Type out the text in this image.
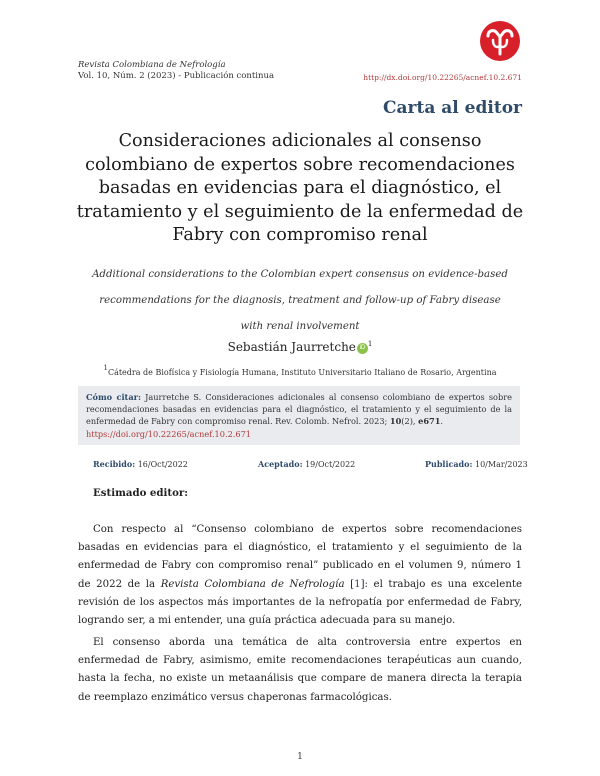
Revista Colombiana de Nefrología
Vol. 10, Núm. 2 (2023) - Publicación continua	http://dx.doi.org/10.22265/acnef.10.2.671
Carta al editor
Consideraciones adicionales al consenso colombiano de expertos sobre recomendaciones basadas en evidencias para el diagnóstico, el tratamiento y el seguimiento de la enfermedad de Fabry con compromiso renal
Additional considerations to the Colombian expert consensus on evidence-based recommendations for the diagnosis, treatment and follow-up of Fabry disease with renal involvement
Sebastián Jaurretche iD $^1$
1Cátedra de Biofísica y Fisiología Humana, Instituto Universitario Italiano de Rosario, Argentina
Cómo citar: Jaurretche S. Consideraciones adicionales al consenso colombiano de expertos sobre recomendaciones basadas en evidencias para el diagnóstico, el tratamiento y el seguimiento de la enfermedad de Fabry con compromiso renal. Rev. Colomb. Nefrol. 2023; 10(2), e671.
https://doi.org/10.22265/acnef.10.2.671
Recibido: 16/Oct/2022	Aceptado: 19/Oct/2022	Publicado: 10/Mar/2023
Estimado editor:
Con respecto al “Consenso colombiano de expertos sobre recomendaciones basadas en evidencias para el diagnóstico, el tratamiento y el seguimiento de la enfermedad de Fabry con compromiso renal” publicado en el volumen 9, número 1 de 2022 de la Revista Colombiana de Nefrología [1]: el trabajo es una excelente revisión de los aspectos más importantes de la nefropatía por enfermedad de Fabry, logrando ser, a mi entender, una guía práctica adecuada para su manejo.
El consenso aborda una temática de alta controversia entre expertos en enfermedad de Fabry, asimismo, emite recomendaciones terapéuticas aun cuando, hasta la fecha, no existe un metaanálisis que compare de manera directa la terapia de reemplazo enzimático versus chaperonas farmacológicas.
1
